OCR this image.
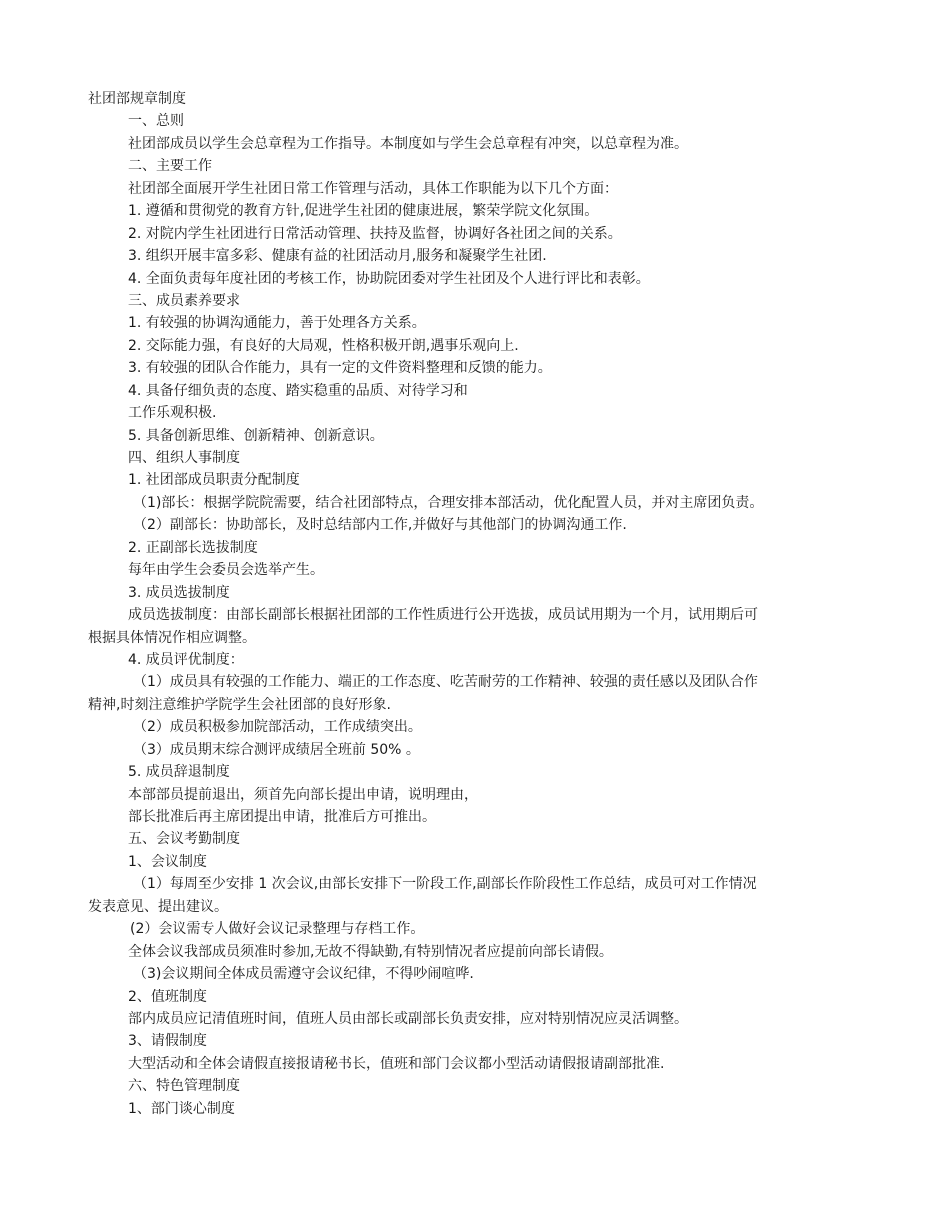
社团部规章制度
一、总则
社团部成员以学生会总章程为工作指导。本制度如与学生会总章程有冲突，以总章程为准。
二、主要工作
社团部全面展开学生社团日常工作管理与活动，具体工作职能为以下几个方面：
1. 遵循和贯彻党的教育方针,促进学生社团的健康进展，繁荣学院文化氛围。
2. 对院内学生社团进行日常活动管理、扶持及监督，协调好各社团之间的关系。
3. 组织开展丰富多彩、健康有益的社团活动月,服务和凝聚学生社团.
4. 全面负责每年度社团的考核工作，协助院团委对学生社团及个人进行评比和表彰。
三、成员素养要求
1. 有较强的协调沟通能力，善于处理各方关系。
2. 交际能力强，有良好的大局观，性格积极开朗,遇事乐观向上.
3. 有较强的团队合作能力，具有一定的文件资料整理和反馈的能力。
4. 具备仔细负责的态度、踏实稳重的品质、对待学习和
工作乐观积极.
5. 具备创新思维、创新精神、创新意识。
四、组织人事制度
1. 社团部成员职责分配制度
（1)部长：根据学院院需要，结合社团部特点，合理安排本部活动，优化配置人员，并对主席团负责。
（2）副部长：协助部长，及时总结部内工作,并做好与其他部门的协调沟通工作.
2. 正副部长选拔制度
每年由学生会委员会选举产生。
3. 成员选拔制度
成员选拔制度：由部长副部长根据社团部的工作性质进行公开选拔，成员试用期为一个月，试用期后可
根据具体情况作相应调整。
4. 成员评优制度：
（1）成员具有较强的工作能力、端正的工作态度、吃苦耐劳的工作精神、较强的责任感以及团队合作
精神,时刻注意维护学院学生会社团部的良好形象.
（2）成员积极参加院部活动，工作成绩突出。
（3）成员期末综合测评成绩居全班前 50% 。
5. 成员辞退制度
本部部员提前退出，须首先向部长提出申请，说明理由，
部长批准后再主席团提出申请，批准后方可推出。
五、会议考勤制度
1、会议制度
（1）每周至少安排 1 次会议,由部长安排下一阶段工作,副部长作阶段性工作总结，成员可对工作情况
发表意见、提出建议。
(2）会议需专人做好会议记录整理与存档工作。
全体会议我部成员须准时参加,无故不得缺勤,有特别情况者应提前向部长请假。
（3)会议期间全体成员需遵守会议纪律，不得吵闹喧哗.
2、值班制度
部内成员应记清值班时间，值班人员由部长或副部长负责安排，应对特别情况应灵活调整。
3、请假制度
大型活动和全体会请假直接报请秘书长，值班和部门会议都小型活动请假报请副部批准.
六、特色管理制度
1、部门谈心制度
